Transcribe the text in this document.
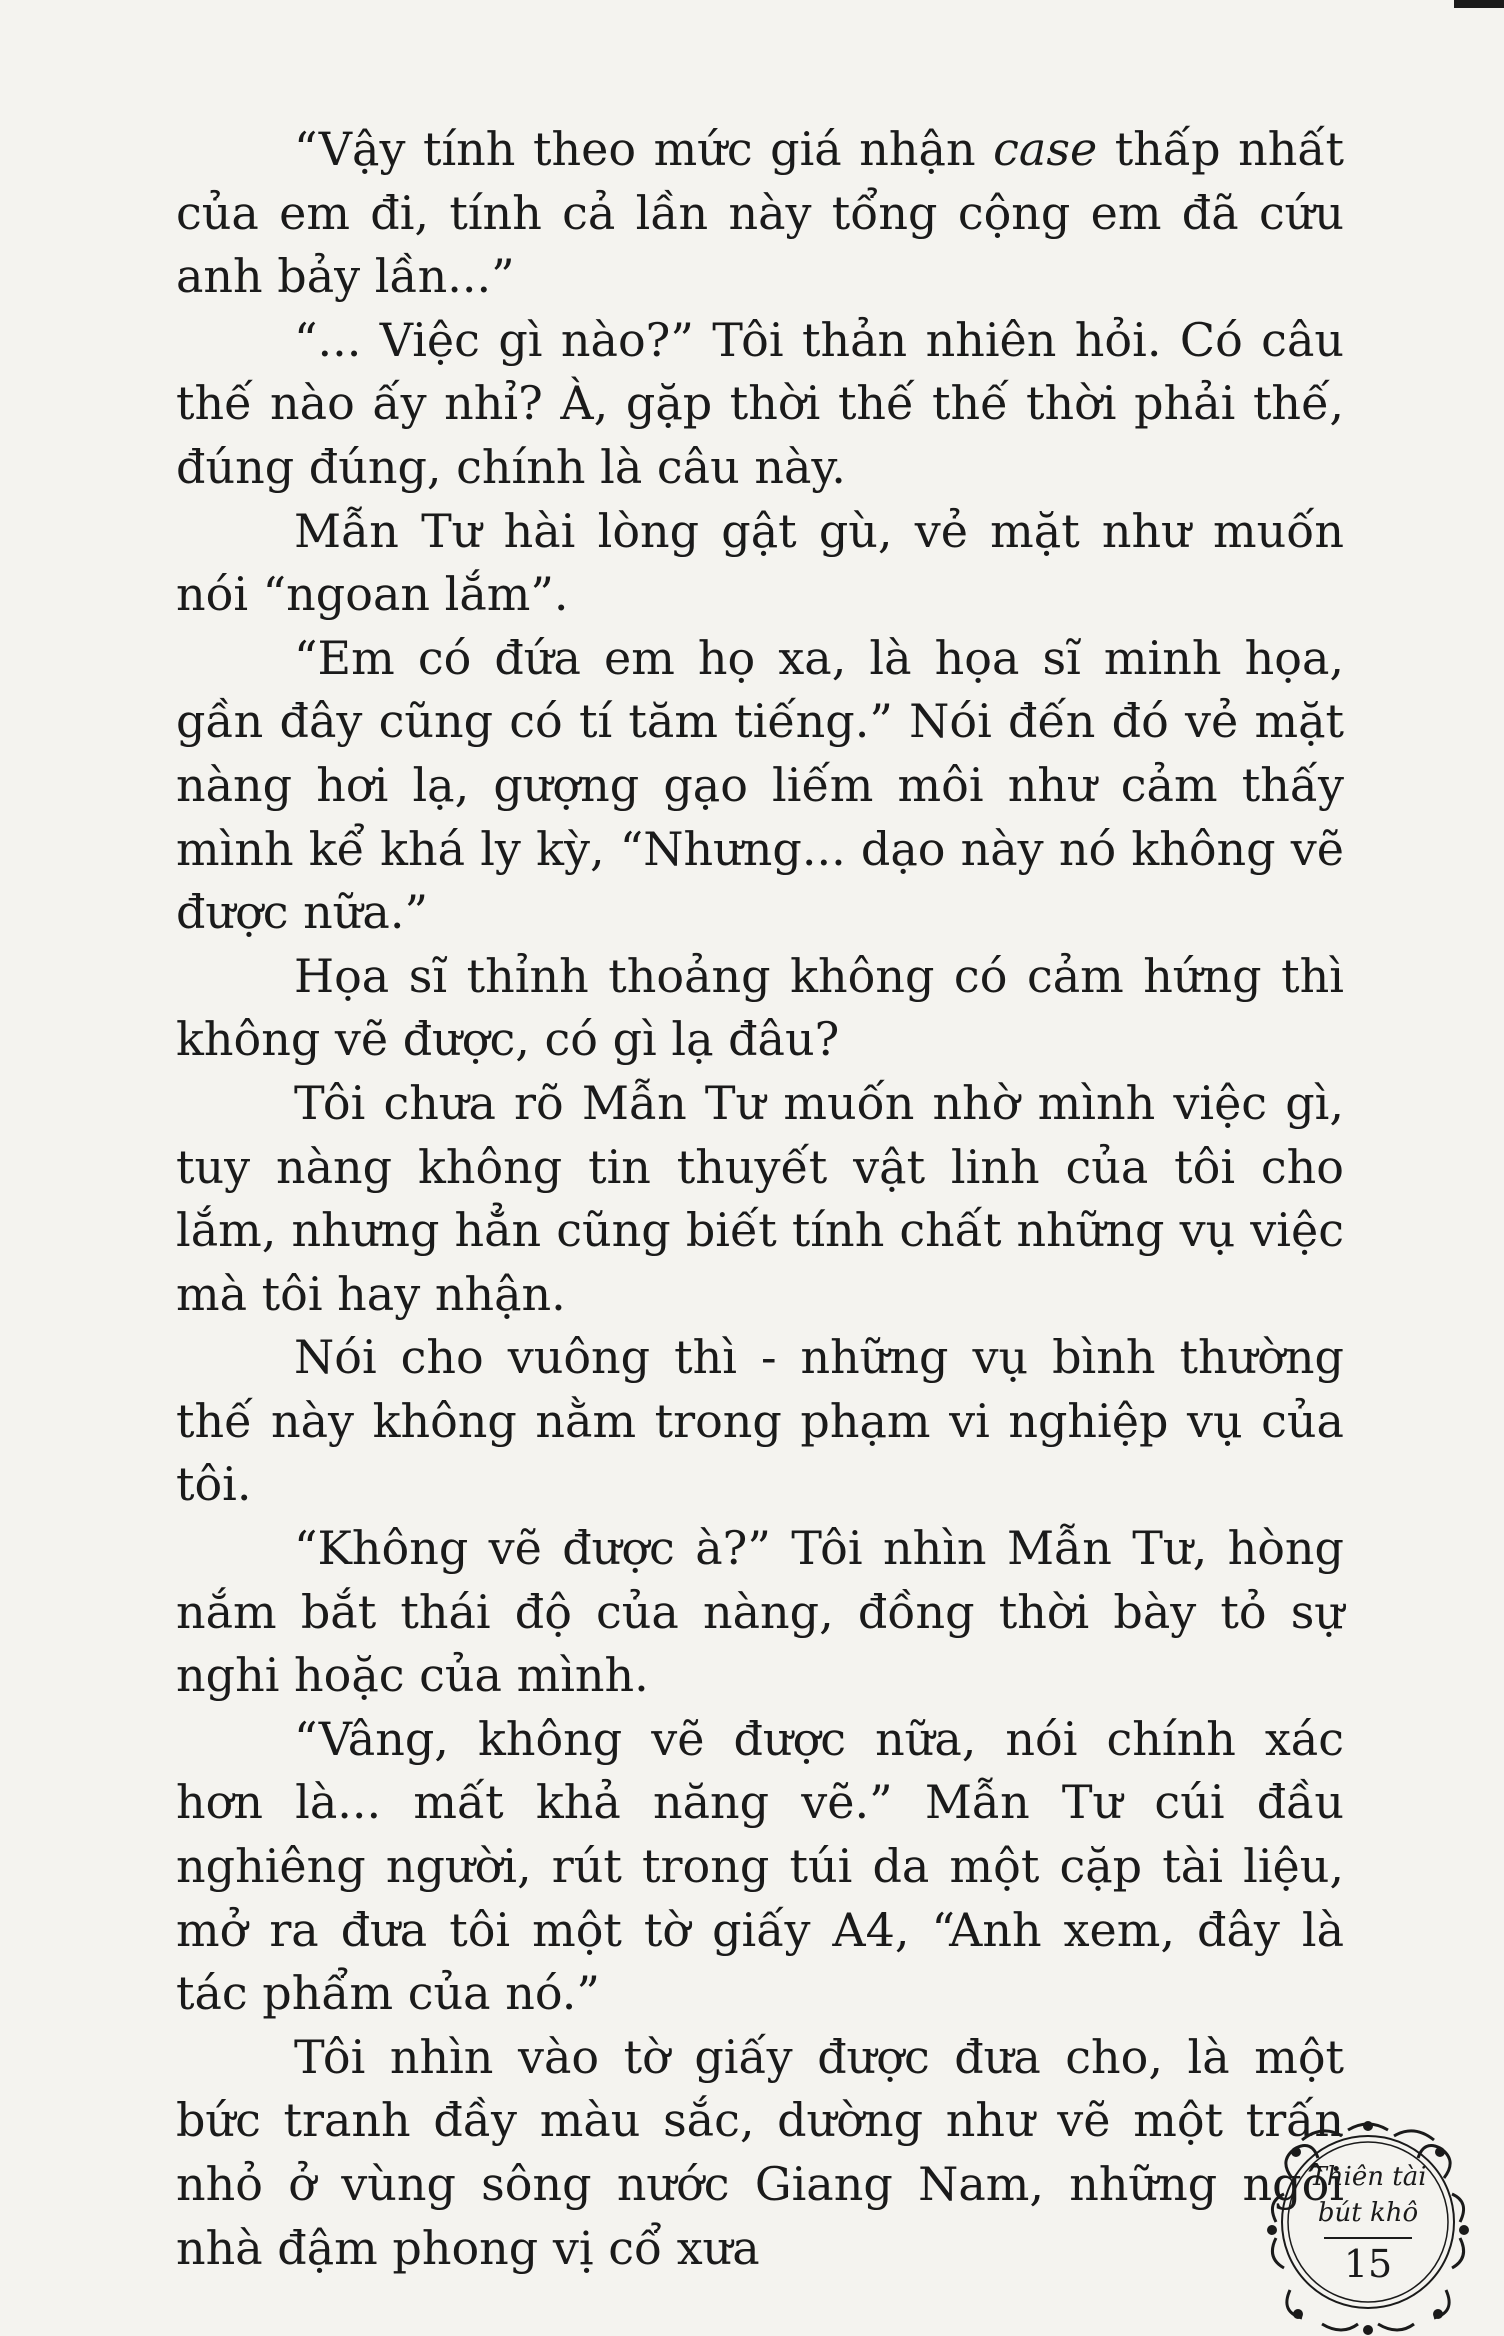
“Vậy tính theo mức giá nhận case thấp nhất của em đi, tính cả lần này tổng cộng em đã cứu anh bảy lần...”

“... Việc gì nào?” Tôi thản nhiên hỏi. Có câu thế nào ấy nhỉ? À, gặp thời thế thế thời phải thế, đúng đúng, chính là câu này.

Mẫn Tư hài lòng gật gù, vẻ mặt như muốn nói “ngoan lắm”.

“Em có đứa em họ xa, là họa sĩ minh họa, gần đây cũng có tí tăm tiếng.” Nói đến đó vẻ mặt nàng hơi lạ, gượng gạo liếm môi như cảm thấy mình kể khá ly kỳ, “Nhưng... dạo này nó không vẽ được nữa.”

Họa sĩ thỉnh thoảng không có cảm hứng thì không vẽ được, có gì lạ đâu?

Tôi chưa rõ Mẫn Tư muốn nhờ mình việc gì, tuy nàng không tin thuyết vật linh của tôi cho lắm, nhưng hẳn cũng biết tính chất những vụ việc mà tôi hay nhận.

Nói cho vuông thì - những vụ bình thường thế này không nằm trong phạm vi nghiệp vụ của tôi.

“Không vẽ được à?” Tôi nhìn Mẫn Tư, hòng nắm bắt thái độ của nàng, đồng thời bày tỏ sự nghi hoặc của mình.

“Vâng, không vẽ được nữa, nói chính xác hơn là... mất khả năng vẽ.” Mẫn Tư cúi đầu nghiêng người, rút trong túi da một cặp tài liệu, mở ra đưa tôi một tờ giấy A4, “Anh xem, đây là tác phẩm của nó.”

Tôi nhìn vào tờ giấy được đưa cho, là một bức tranh đầy màu sắc, dường như vẽ một trấn nhỏ ở vùng sông nước Giang Nam, những ngôi nhà đậm phong vị cổ xưa

Thiên tài
bút khô
15
